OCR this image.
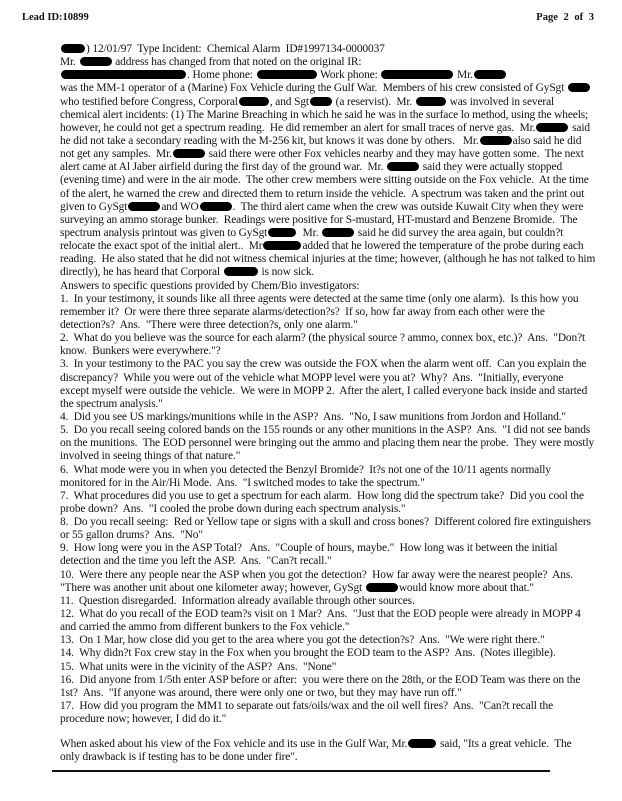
Lead ID:10899	Page 2 of 3
) 12/01/97  Type Incident:  Chemical Alarm  ID#1997134-0000037
Mr.	address has changed from that noted on the original IR:
. Home phone:	Work phone:	Mr.
was the MM-1 operator of a (Marine) Fox Vehicle during the Gulf War.  Members of his crew consisted of GySgt
who testified before Congress, Corporal	, and Sgt (a reservist).  Mr.	was involved in several
chemical alert incidents: (1) The Marine Breaching in which he said he was in the surface lo method, using the wheels;
however, he could not get a spectrum reading.  He did remember an alert for small traces of nerve gas.  Mr.	said
he did not take a secondary reading with the M-256 kit, but knows it was done by others.   Mr.	also said he did
not get any samples.  Mr.	said there were other Fox vehicles nearby and they may have gotten some.  The next
alert came at Al Jaber airfield during the first day of the ground war.  Mr.	said they were actually stopped
(evening time) and were in the air mode.  The other crew members were sitting outside on the Fox vehicle.  At the time
of the alert, he warned the crew and directed them to return inside the vehicle.  A spectrum was taken and the print out
given to GySgt	and WO	.  The third alert came when the crew was outside Kuwait City when they were
surveying an ammo storage bunker.  Readings were positive for S-mustard, HT-mustard and Benzene Bromide.  The
spectrum analysis printout was given to GySgt	Mr.	said he did survey the area again, but couldn?t
relocate the exact spot of the initial alert..  Mr	added that he lowered the temperature of the probe during each
reading.  He also stated that he did not witness chemical injuries at the time; however, (although he has not talked to him
directly), he has heard that Corporal	is now sick.
Answers to specific questions provided by Chem/Bio investigators:
1.  In your testimony, it sounds like all three agents were detected at the same time (only one alarm).  Is this how you
remember it?  Or were there three separate alarms/detection?s?  If so, how far away from each other were the
detection?s?  Ans.  "There were three detection?s, only one alarm."
2.  What do you believe was the source for each alarm? (the physical source ? ammo, connex box, etc.)?  Ans.  "Don?t
know.  Bunkers were everywhere."?
3.  In your testimony to the PAC you say the crew was outside the FOX when the alarm went off.  Can you explain the
discrepancy?  While you were out of the vehicle what MOPP level were you at?  Why?  Ans.  "Initially, everyone
except myself were outside the vehicle.  We were in MOPP 2.  After the alert, I called everyone back inside and started
the spectrum analysis."
4.  Did you see US markings/munitions while in the ASP?  Ans.  "No, I saw munitions from Jordon and Holland."
5.  Do you recall seeing colored bands on the 155 rounds or any other munitions in the ASP?  Ans.  "I did not see bands
on the munitions.  The EOD personnel were bringing out the ammo and placing them near the probe.  They were mostly
involved in seeing things of that nature."
6.  What mode were you in when you detected the Benzyl Bromide?  It?s not one of the 10/11 agents normally
monitored for in the Air/Hi Mode.  Ans.  "I switched modes to take the spectrum."
7.  What procedures did you use to get a spectrum for each alarm.  How long did the spectrum take?  Did you cool the
probe down?  Ans.  "I cooled the probe down during each spectrum analysis."
8.  Do you recall seeing:  Red or Yellow tape or signs with a skull and cross bones?  Different colored fire extinguishers
or 55 gallon drums?  Ans.  "No"
9.  How long were you in the ASP Total?   Ans.  "Couple of hours, maybe."  How long was it between the initial
detection and the time you left the ASP.  Ans.  "Can?t recall."
10.  Were there any people near the ASP when you got the detection?  How far away were the nearest people?  Ans.
"There was another unit about one kilometer away; however, GySgt	would know more about that."
11.  Question disregarded.  Information already available through other sources.
12.  What do you recall of the EOD team?s visit on 1 Mar?  Ans.  "Just that the EOD people were already in MOPP 4
and carried the ammo from different bunkers to the Fox vehicle."
13.  On 1 Mar, how close did you get to the area where you got the detection?s?  Ans.  "We were right there."
14.  Why didn?t Fox crew stay in the Fox when you brought the EOD team to the ASP?  Ans.  (Notes illegible).
15.  What units were in the vicinity of the ASP?  Ans.  "None"
16.  Did anyone from 1/5th enter ASP before or after:  you were there on the 28th, or the EOD Team was there on the
1st?  Ans.  "If anyone was around, there were only one or two, but they may have run off."
17.  How did you program the MM1 to separate out fats/oils/wax and the oil well fires?  Ans.  "Can?t recall the
procedure now; however, I did do it."
When asked about his view of the Fox vehicle and its use in the Gulf War, Mr.	said, "Its a great vehicle.  The
only drawback is if testing has to be done under fire".
